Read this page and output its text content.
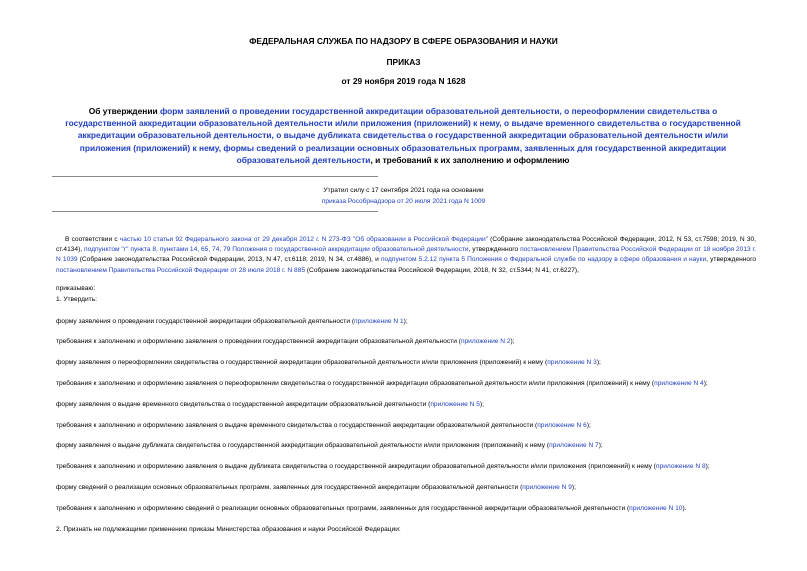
ФЕДЕРАЛЬНАЯ СЛУЖБА ПО НАДЗОРУ В СФЕРЕ ОБРАЗОВАНИЯ И НАУКИ
ПРИКАЗ
от 29 ноября 2019 года N 1628
Об утверждении форм заявлений о проведении государственной аккредитации образовательной деятельности, о переоформлении свидетельства о государственной аккредитации образовательной деятельности и/или приложения (приложений) к нему, о выдаче временного свидетельства о государственной аккредитации образовательной деятельности, о выдаче дубликата свидетельства о государственной аккредитации образовательной деятельности и/или приложения (приложений) к нему, формы сведений о реализации основных образовательных программ, заявленных для государственной аккредитации образовательной деятельности, и требований к их заполнению и оформлению
Утратил силу с 17 сентября 2021 года на основании
приказа Рособрнадзора от 20 июля 2021 года N 1009
В соответствии с частью 10 статьи 92 Федерального закона от 29 декабря 2012 г. N 273-ФЗ "Об образовании в Российской Федерации" (Собрание законодательства Российской Федерации, 2012, N 53, ст.7598; 2019, N 30, ст.4134), подпунктом "г" пункта 8, пунктами 14, 65, 74, 79 Положения о государственной аккредитации образовательной деятельности, утвержденного постановлением Правительства Российской Федерации от 18 ноября 2013 г. N 1039 (Собрание законодательства Российской Федерации, 2013, N 47, ст.6118; 2019, N 34, ст.4886), и подпунктом 5.2.12 пункта 5 Положения о Федеральной службе по надзору в сфере образования и науки, утвержденного постановлением Правительства Российской Федерации от 28 июля 2018 г. N 885 (Собрание законодательства Российской Федерации, 2018, N 32, ст.5344; N 41, ст.6227),
приказываю:
1. Утвердить:
форму заявления о проведении государственной аккредитации образовательной деятельности (приложение N 1);
требования к заполнению и оформлению заявления о проведении государственной аккредитации образовательной деятельности (приложение N 2);
форму заявления о переоформлении свидетельства о государственной аккредитации образовательной деятельности и/или приложения (приложений) к нему (приложение N 3);
требования к заполнению и оформлению заявления о переоформлении свидетельства о государственной аккредитации образовательной деятельности и/или приложения (приложений) к нему (приложение N 4);
форму заявления о выдаче временного свидетельства о государственной аккредитации образовательной деятельности (приложение N 5);
требования к заполнению и оформлению заявления о выдаче временного свидетельства о государственной аккредитации образовательной деятельности (приложение N 6);
форму заявления о выдаче дубликата свидетельства о государственной аккредитации образовательной деятельности и/или приложения (приложений) к нему (приложение N 7);
требования к заполнению и оформлению заявления о выдаче дубликата свидетельства о государственной аккредитации образовательной деятельности и/или приложения (приложений) к нему (приложение N 8);
форму сведений о реализации основных образовательных программ, заявленных для государственной аккредитации образовательной деятельности (приложение N 9);
требования к заполнению и оформлению сведений о реализации основных образовательных программ, заявленных для государственной аккредитации образовательной деятельности (приложение N 10).
2. Признать не подлежащими применению приказы Министерства образования и науки Российской Федерации:
